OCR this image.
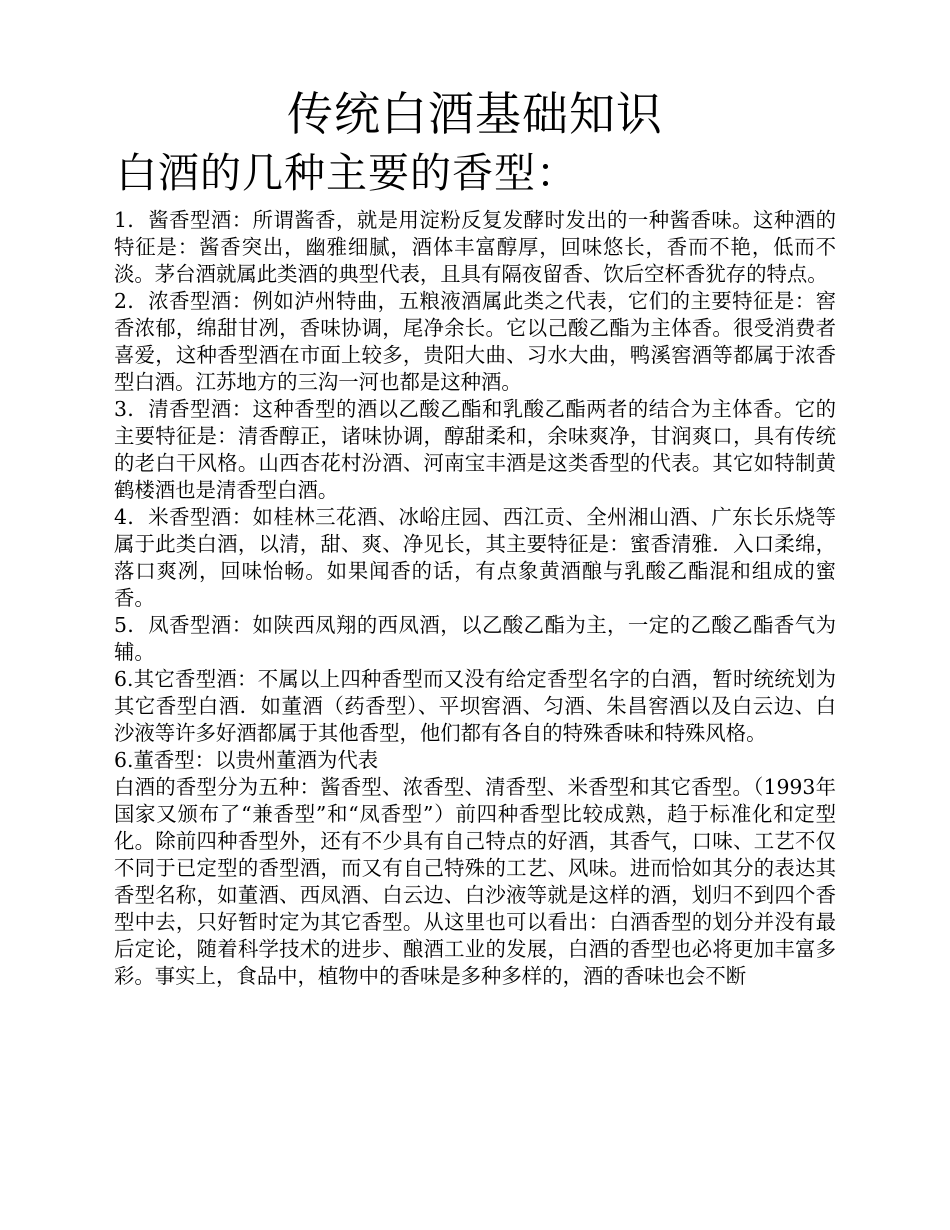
传统白酒基础知识
白酒的几种主要的香型：

1．酱香型酒：所谓酱香，就是用淀粉反复发酵时发出的一种酱香味。这种酒的特征是：酱香突出，幽雅细腻，酒体丰富醇厚，回味悠长，香而不艳，低而不淡。茅台酒就属此类酒的典型代表，且具有隔夜留香、饮后空杯香犹存的特点。

2．浓香型酒：例如泸州特曲，五粮液酒属此类之代表，它们的主要特征是：窖香浓郁，绵甜甘冽，香味协调，尾净余长。它以己酸乙酯为主体香。很受消费者喜爱，这种香型酒在市面上较多，贵阳大曲、习水大曲，鸭溪窖酒等都属于浓香型白酒。江苏地方的三沟一河也都是这种酒。

3．清香型酒：这种香型的酒以乙酸乙酯和乳酸乙酯两者的结合为主体香。它的主要特征是：清香醇正，诸味协调，醇甜柔和，余味爽净，甘润爽口，具有传统的老白干风格。山西杏花村汾酒、河南宝丰酒是这类香型的代表。其它如特制黄鹤楼酒也是清香型白酒。

4．米香型酒：如桂林三花酒、冰峪庄园、西江贡、全州湘山酒、广东长乐烧等属于此类白酒，以清，甜、爽、净见长，其主要特征是：蜜香清雅．入口柔绵，落口爽冽，回味怡畅。如果闻香的话，有点象黄酒酿与乳酸乙酯混和组成的蜜香。

5．凤香型酒：如陕西凤翔的西凤酒，以乙酸乙酯为主，一定的乙酸乙酯香气为辅。

6.其它香型酒：不属以上四种香型而又没有给定香型名字的白酒，暂时统统划为其它香型白酒．如董酒（药香型）、平坝窖酒、匀酒、朱昌窖酒以及白云边、白沙液等许多好酒都属于其他香型，他们都有各自的特殊香味和特殊风格。

6.董香型：以贵州董酒为代表

白酒的香型分为五种：酱香型、浓香型、清香型、米香型和其它香型。（1993年国家又颁布了“兼香型”和“凤香型”）前四种香型比较成熟，趋于标准化和定型化。除前四种香型外，还有不少具有自己特点的好酒，其香气，口味、工艺不仅不同于已定型的香型酒，而又有自己特殊的工艺、风味。进而恰如其分的表达其香型名称，如董酒、西凤酒、白云边、白沙液等就是这样的酒，划归不到四个香型中去，只好暂时定为其它香型。从这里也可以看出：白酒香型的划分并没有最后定论，随着科学技术的进步、酿酒工业的发展，白酒的香型也必将更加丰富多彩。事实上，食品中，植物中的香味是多种多样的，酒的香味也会不断
